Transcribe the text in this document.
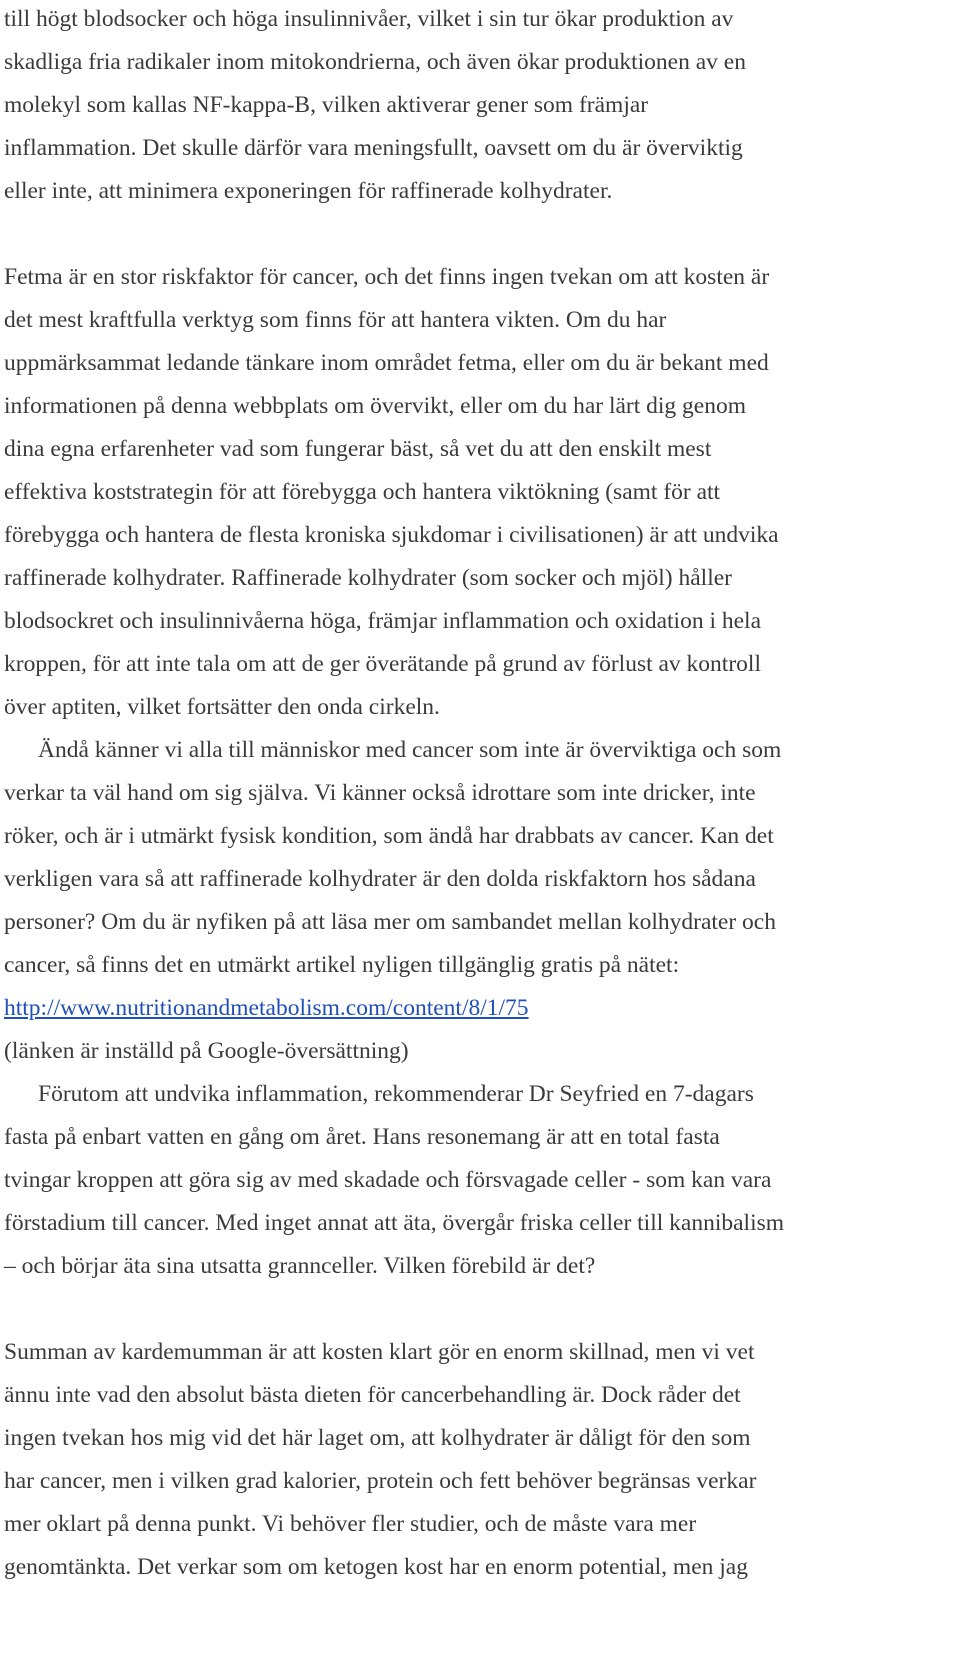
till högt blodsocker och höga insulinnivåer, vilket i sin tur ökar produktion av
skadliga fria radikaler inom mitokondrierna, och även ökar produktionen av en
molekyl som kallas NF-kappa-B, vilken aktiverar gener som främjar
inflammation. Det skulle därför vara meningsfullt, oavsett om du är överviktig
eller inte, att minimera exponeringen för raffinerade kolhydrater.
Fetma är en stor riskfaktor för cancer, och det finns ingen tvekan om att kosten är
det mest kraftfulla verktyg som finns för att hantera vikten. Om du har
uppmärksammat ledande tänkare inom området fetma, eller om du är bekant med
informationen på denna webbplats om övervikt, eller om du har lärt dig genom
dina egna erfarenheter vad som fungerar bäst, så vet du att den enskilt mest
effektiva koststrategin för att förebygga och hantera viktökning (samt för att
förebygga och hantera de flesta kroniska sjukdomar i civilisationen) är att undvika
raffinerade kolhydrater. Raffinerade kolhydrater (som socker och mjöl) håller
blodsockret och insulinnivåerna höga, främjar inflammation och oxidation i hela
kroppen, för att inte tala om att de ger överätande på grund av förlust av kontroll
över aptiten, vilket fortsätter den onda cirkeln.
Ändå känner vi alla till människor med cancer som inte är överviktiga och som
verkar ta väl hand om sig själva. Vi känner också idrottare som inte dricker, inte
röker, och är i utmärkt fysisk kondition, som ändå har drabbats av cancer. Kan det
verkligen vara så att raffinerade kolhydrater är den dolda riskfaktorn hos sådana
personer? Om du är nyfiken på att läsa mer om sambandet mellan kolhydrater och
cancer, så finns det en utmärkt artikel nyligen tillgänglig gratis på nätet:
http://www.nutritionandmetabolism.com/content/8/1/75
(länken är inställd på Google-översättning)
Förutom att undvika inflammation, rekommenderar Dr Seyfried en 7-dagars
fasta på enbart vatten en gång om året. Hans resonemang är att en total fasta
tvingar kroppen att göra sig av med skadade och försvagade celler - som kan vara
förstadium till cancer. Med inget annat att äta, övergår friska celler till kannibalism
– och börjar äta sina utsatta grannceller. Vilken förebild är det?
Summan av kardemumman är att kosten klart gör en enorm skillnad, men vi vet
ännu inte vad den absolut bästa dieten för cancerbehandling är. Dock råder det
ingen tvekan hos mig vid det här laget om, att kolhydrater är dåligt för den som
har cancer, men i vilken grad kalorier, protein och fett behöver begränsas verkar
mer oklart på denna punkt. Vi behöver fler studier, och de måste vara mer
genomtänkta. Det verkar som om ketogen kost har en enorm potential, men jag
